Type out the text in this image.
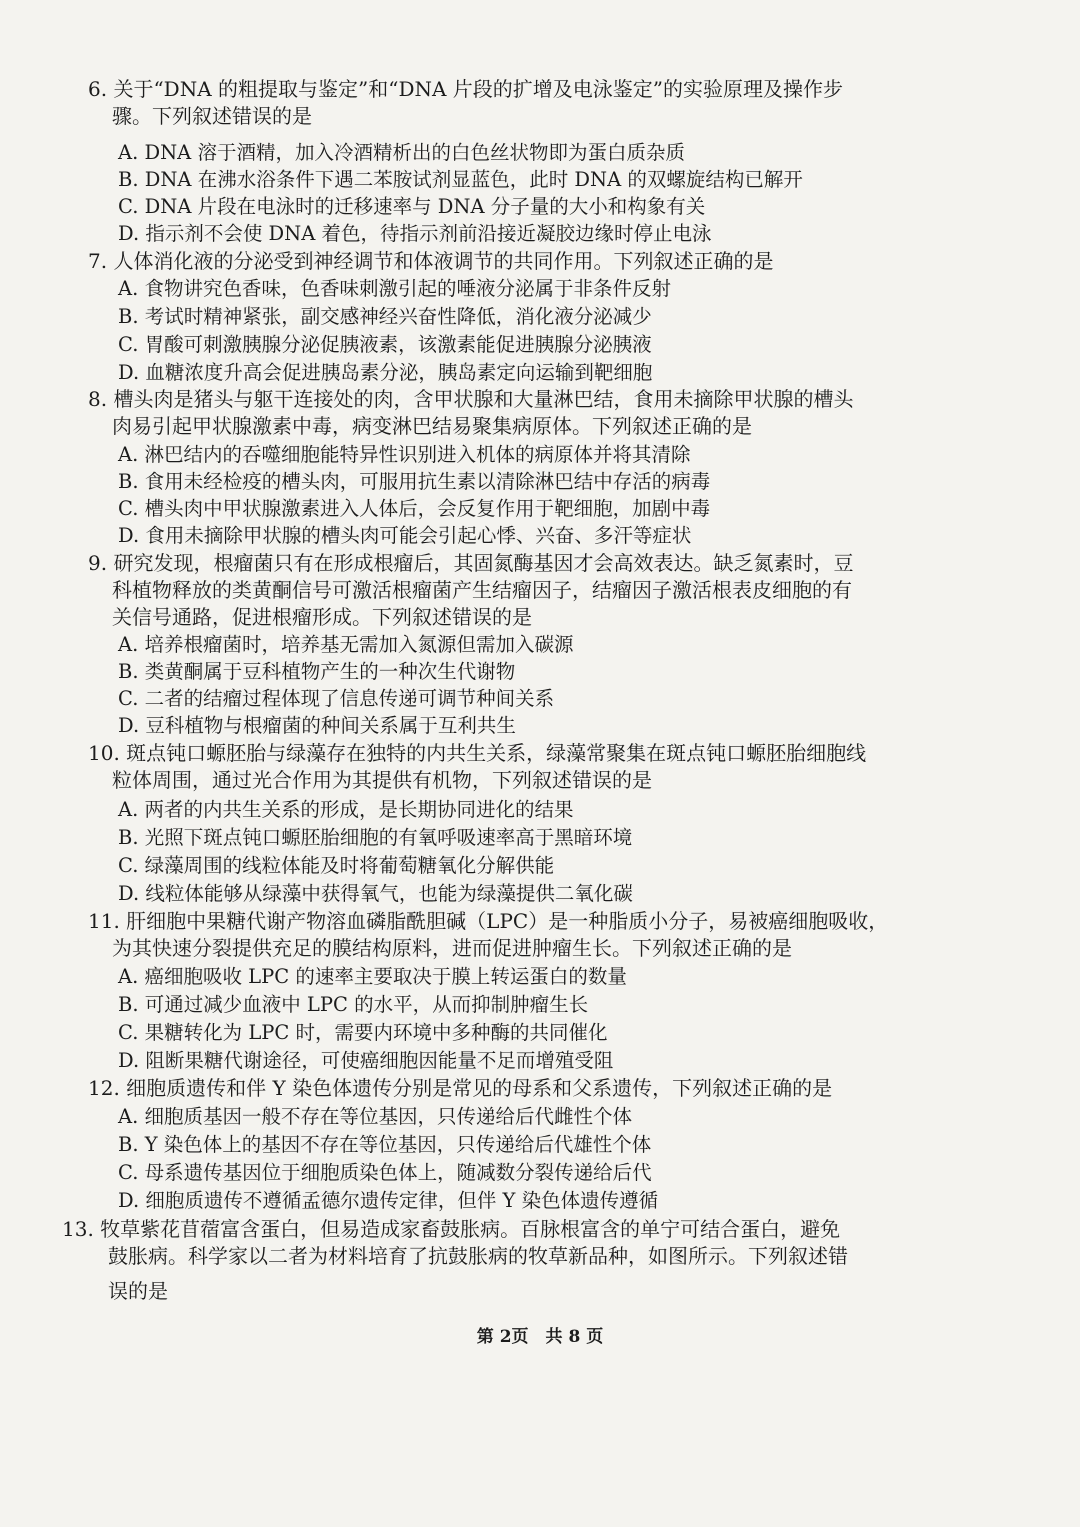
6. 关于“DNA 的粗提取与鉴定”和“DNA 片段的扩增及电泳鉴定”的实验原理及操作步
骤。下列叙述错误的是
A. DNA 溶于酒精，加入冷酒精析出的白色丝状物即为蛋白质杂质
B. DNA 在沸水浴条件下遇二苯胺试剂显蓝色，此时 DNA 的双螺旋结构已解开
C. DNA 片段在电泳时的迁移速率与 DNA 分子量的大小和构象有关
D. 指示剂不会使 DNA 着色，待指示剂前沿接近凝胶边缘时停止电泳
7. 人体消化液的分泌受到神经调节和体液调节的共同作用。下列叙述正确的是
A. 食物讲究色香味，色香味刺激引起的唾液分泌属于非条件反射
B. 考试时精神紧张，副交感神经兴奋性降低，消化液分泌减少
C. 胃酸可刺激胰腺分泌促胰液素，该激素能促进胰腺分泌胰液
D. 血糖浓度升高会促进胰岛素分泌，胰岛素定向运输到靶细胞
8. 槽头肉是猪头与躯干连接处的肉，含甲状腺和大量淋巴结，食用未摘除甲状腺的槽头
肉易引起甲状腺激素中毒，病变淋巴结易聚集病原体。下列叙述正确的是
A. 淋巴结内的吞噬细胞能特异性识别进入机体的病原体并将其清除
B. 食用未经检疫的槽头肉，可服用抗生素以清除淋巴结中存活的病毒
C. 槽头肉中甲状腺激素进入人体后，会反复作用于靶细胞，加剧中毒
D. 食用未摘除甲状腺的槽头肉可能会引起心悸、兴奋、多汗等症状
9. 研究发现，根瘤菌只有在形成根瘤后，其固氮酶基因才会高效表达。缺乏氮素时，豆
科植物释放的类黄酮信号可激活根瘤菌产生结瘤因子，结瘤因子激活根表皮细胞的有
关信号通路，促进根瘤形成。下列叙述错误的是
A. 培养根瘤菌时，培养基无需加入氮源但需加入碳源
B. 类黄酮属于豆科植物产生的一种次生代谢物
C. 二者的结瘤过程体现了信息传递可调节种间关系
D. 豆科植物与根瘤菌的种间关系属于互利共生
10. 斑点钝口螈胚胎与绿藻存在独特的内共生关系，绿藻常聚集在斑点钝口螈胚胎细胞线
粒体周围，通过光合作用为其提供有机物，下列叙述错误的是
A. 两者的内共生关系的形成，是长期协同进化的结果
B. 光照下斑点钝口螈胚胎细胞的有氧呼吸速率高于黑暗环境
C. 绿藻周围的线粒体能及时将葡萄糖氧化分解供能
D. 线粒体能够从绿藻中获得氧气，也能为绿藻提供二氧化碳
11. 肝细胞中果糖代谢产物溶血磷脂酰胆碱（LPC）是一种脂质小分子，易被癌细胞吸收，
为其快速分裂提供充足的膜结构原料，进而促进肿瘤生长。下列叙述正确的是
A. 癌细胞吸收 LPC 的速率主要取决于膜上转运蛋白的数量
B. 可通过减少血液中 LPC 的水平，从而抑制肿瘤生长
C. 果糖转化为 LPC 时，需要内环境中多种酶的共同催化
D. 阻断果糖代谢途径，可使癌细胞因能量不足而增殖受阻
12. 细胞质遗传和伴 Y 染色体遗传分别是常见的母系和父系遗传，下列叙述正确的是
A. 细胞质基因一般不存在等位基因，只传递给后代雌性个体
B. Y 染色体上的基因不存在等位基因，只传递给后代雄性个体
C. 母系遗传基因位于细胞质染色体上，随减数分裂传递给后代
D. 细胞质遗传不遵循孟德尔遗传定律，但伴 Y 染色体遗传遵循
13. 牧草紫花苜蓿富含蛋白，但易造成家畜鼓胀病。百脉根富含的单宁可结合蛋白，避免
鼓胀病。科学家以二者为材料培育了抗鼓胀病的牧草新品种，如图所示。下列叙述错
误的是
第 2页　共 8 页
